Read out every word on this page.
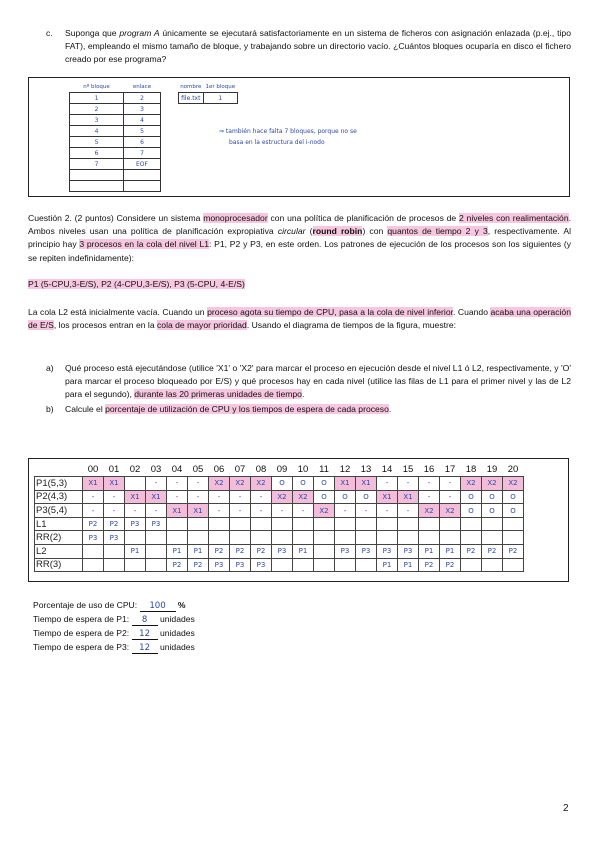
c. Suponga que program A únicamente se ejecutará satisfactoriamente en un sistema de ficheros con asignación enlazada (p.ej., tipo FAT), empleando el mismo tamaño de bloque, y trabajando sobre un directorio vacío. ¿Cuántos bloques ocuparía en disco el fichero creado por ese programa?
nº bloque	enlace
1	2
2	3
3	4
4	5
5	6
6	7
7	EOF

nombre	1er bloque
file.txt	1
⇒ también hace falta 7 bloques, porque no se
basa en la estructura del i-nodo
Cuestión 2. (2 puntos) Considere un sistema monoprocesador con una política de planificación de procesos de 2 niveles con realimentación. Ambos niveles usan una política de planificación expropiativa circular (round robin) con quantos de tiempo 2 y 3, respectivamente. Al principio hay 3 procesos en la cola del nivel L1: P1, P2 y P3, en este orden. Los patrones de ejecución de los procesos son los siguientes (y se repiten indefinidamente):
P1 (5-CPU,3-E/S), P2 (4-CPU,3-E/S), P3 (5-CPU, 4-E/S)
La cola L2 está inicialmente vacía. Cuando un proceso agota su tiempo de CPU, pasa a la cola de nivel inferior. Cuando acaba una operación de E/S, los procesos entran en la cola de mayor prioridad. Usando el diagrama de tiempos de la figura, muestre:
a) Qué proceso está ejecutándose (utilice 'X1' o 'X2' para marcar el proceso en ejecución desde el nivel L1 ó L2, respectivamente, y 'O' para marcar el proceso bloqueado por E/S) y qué procesos hay en cada nivel (utilice las filas de L1 para el primer nivel y las de L2 para el segundo), durante las 20 primeras unidades de tiempo.
b) Calcule el porcentaje de utilización de CPU y los tiempos de espera de cada proceso.
	00	01	02	03	04	05	06	07	08	09	10	11	12	13	14	15	16	17	18	19	20
P1(5,3)	X1	X1		-	-	-	X2	X2	X2	O	O	O	X1	X1	-	-	-	-	X2	X2	X2
P2(4,3)	-	-	X1	X1	-	-	-	-	-	X2	X2	O	O	O	X1	X1	-	-	O	O	O
P3(5,4)	-	-	-	-	X1	X1	-	-	-	-	-	X2	-	-	-	-	X2	X2	O	O	O
L1	P2	P2	P3	P3																	
RR(2)	P3	P3																			
L2			P1		P1	P1	P2	P2	P2	P3	P1		P3	P3	P3	P3	P1	P1	P2	P2	P2
RR(3)					P2	P2	P3	P3	P3						P1	P1	P2	P2			
Porcentaje de uso de CPU: 100 %
Tiempo de espera de P1: 8 unidades
Tiempo de espera de P2: 12 unidades
Tiempo de espera de P3: 12 unidades
2
